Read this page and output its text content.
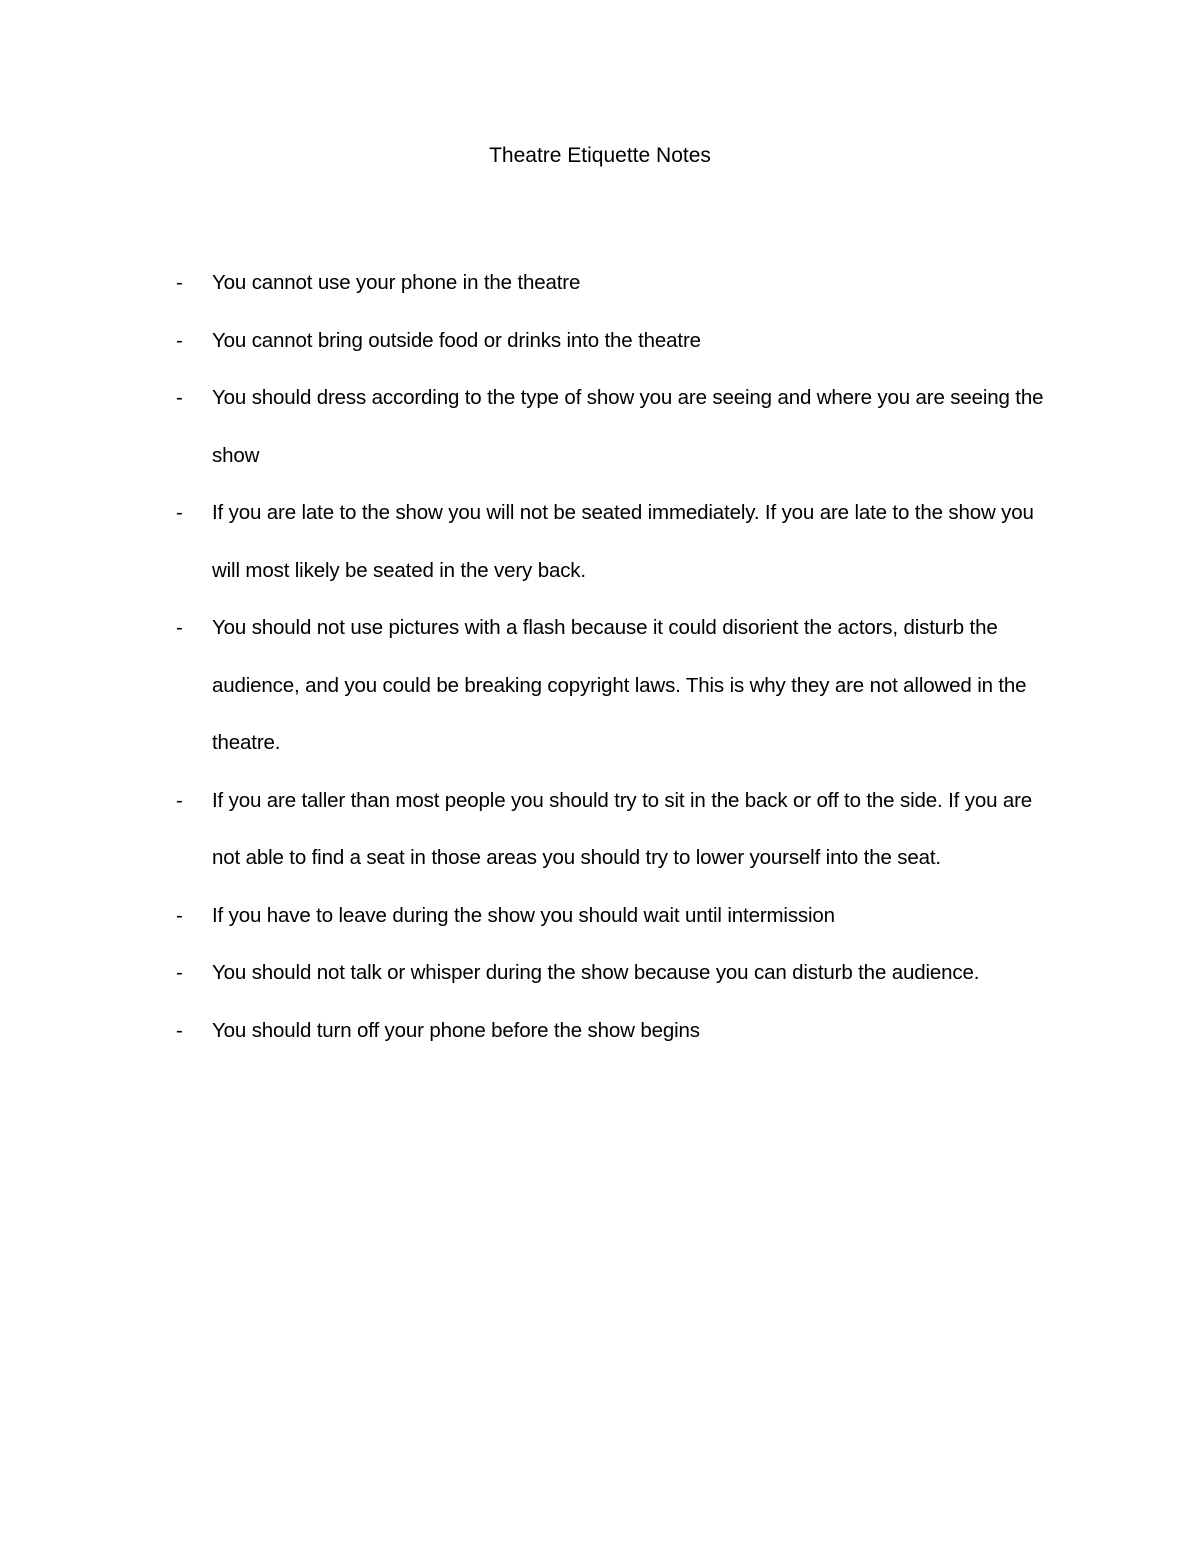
Theatre Etiquette Notes
- You cannot use your phone in the theatre
- You cannot bring outside food or drinks into the theatre
- You should dress according to the type of show you are seeing and where you are seeing the show
- If you are late to the show you will not be seated immediately. If you are late to the show you will most likely be seated in the very back.
- You should not use pictures with a flash because it could disorient the actors, disturb the audience, and you could be breaking copyright laws. This is why they are not allowed in the theatre.
- If you are taller than most people you should try to sit in the back or off to the side. If you are not able to find a seat in those areas you should try to lower yourself into the seat.
- If you have to leave during the show you should wait until intermission
- You should not talk or whisper during the show because you can disturb the audience.
- You should turn off your phone before the show begins
